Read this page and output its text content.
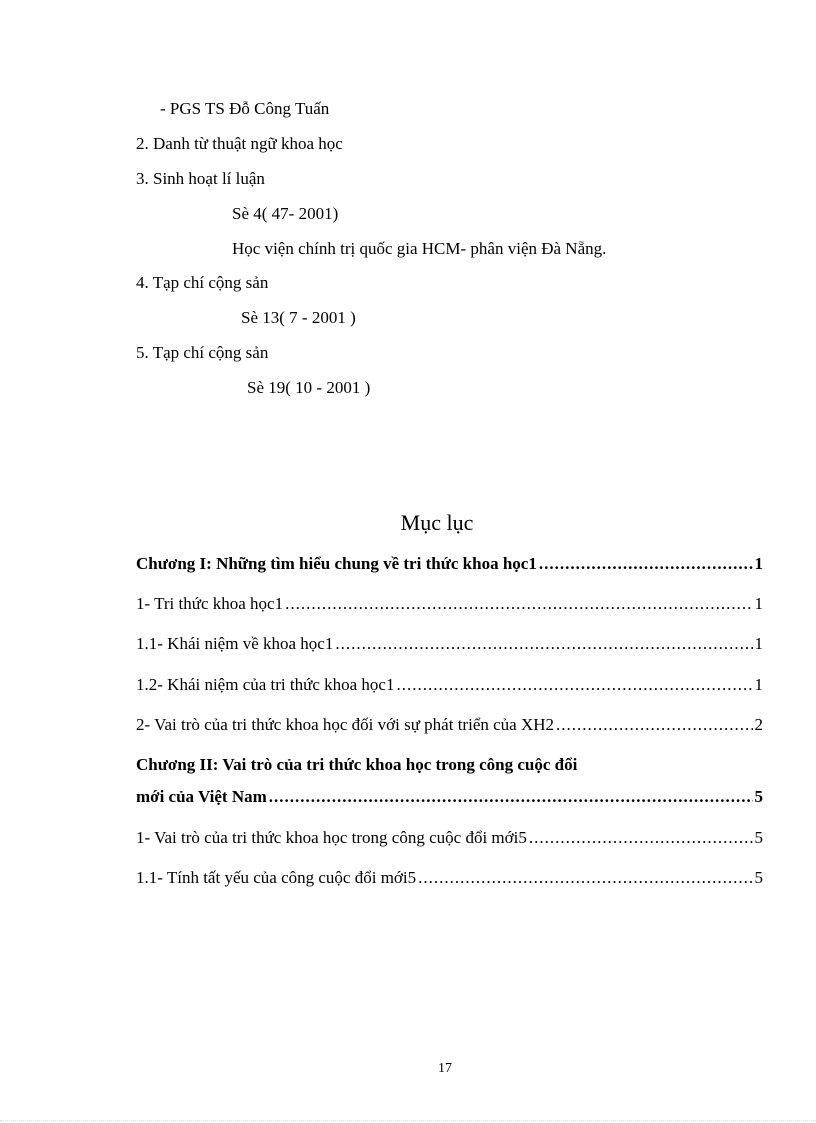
- PGS TS Đỗ Công Tuấn
2. Danh từ thuật ngữ khoa học
3. Sinh hoạt lí luận
Sè 4( 47- 2001)
Học viện chính trị quốc gia HCM- phân viện Đà Nẵng.
4. Tạp chí cộng sản
Sè 13( 7 - 2001 )
5. Tạp chí cộng sản
Sè 19( 10 - 2001 )
Mục lục
Chương I: Những tìm hiểu chung về tri thức khoa học1 .....	1
1- Tri thức khoa học1 .....	1
1.1- Khái niệm về khoa học1 .....	1
1.2- Khái niệm của tri thức khoa học1 .....	1
2- Vai trò của tri thức khoa học đối với sự phát triển của XH2 .....	2
Chương II: Vai trò của tri thức khoa học trong công cuộc đổi
mới của Việt Nam .....	5
1- Vai trò của tri thức khoa học trong công cuộc đổi mới5 .....	5
1.1- Tính tất yếu của công cuộc đổi mới5 .....	5
17
